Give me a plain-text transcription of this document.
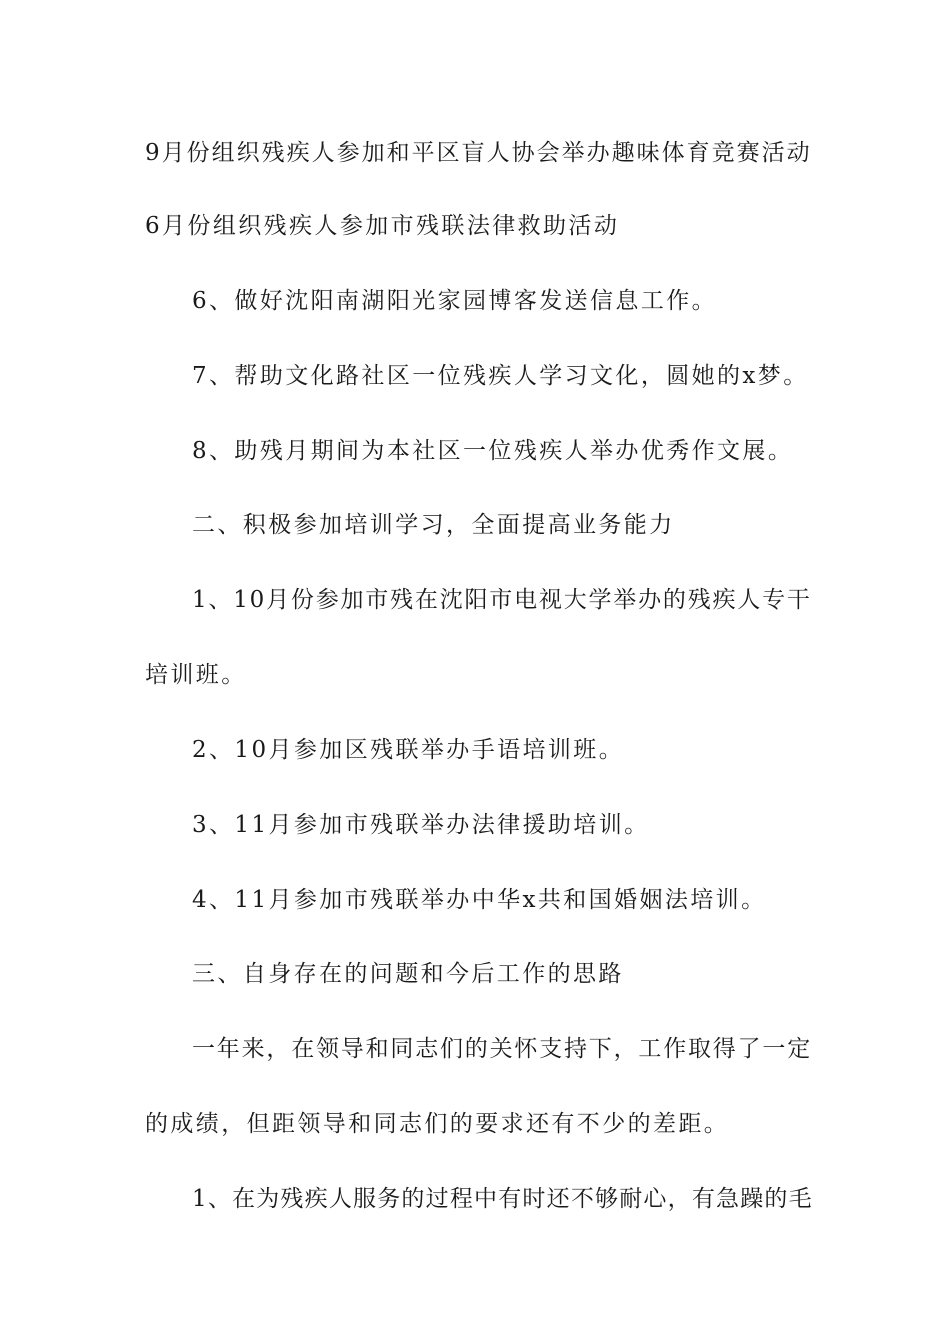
9月份组织残疾人参加和平区盲人协会举办趣味体育竞赛活动
6月份组织残疾人参加市残联法律救助活动
6、做好沈阳南湖阳光家园博客发送信息工作。
7、帮助文化路社区一位残疾人学习文化，圆她的x梦。
8、助残月期间为本社区一位残疾人举办优秀作文展。
二、积极参加培训学习，全面提高业务能力
1、10月份参加市残在沈阳市电视大学举办的残疾人专干
培训班。
2、10月参加区残联举办手语培训班。
3、11月参加市残联举办法律援助培训。
4、11月参加市残联举办中华x共和国婚姻法培训。
三、自身存在的问题和今后工作的思路
一年来，在领导和同志们的关怀支持下，工作取得了一定
的成绩，但距领导和同志们的要求还有不少的差距。
1、在为残疾人服务的过程中有时还不够耐心，有急躁的毛
